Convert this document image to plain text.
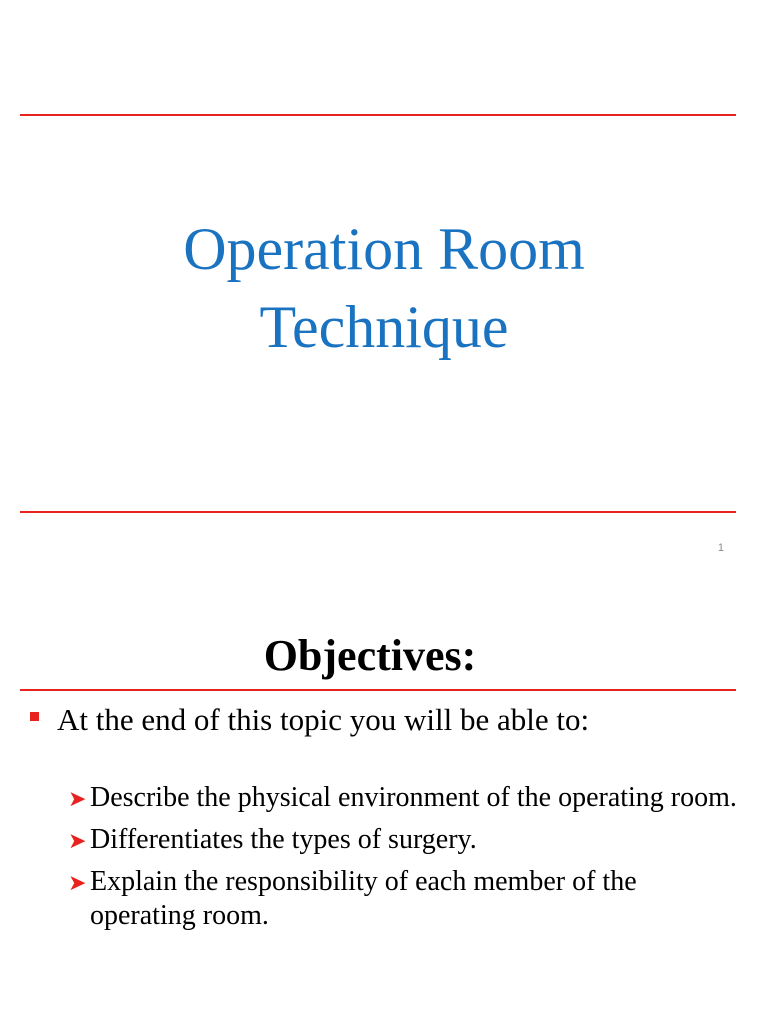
Operation Room
Technique
1
Objectives:
At the end of this topic you will be able to:
➤ Describe the physical environment of the operating room.
➤ Differentiates the types of surgery.
➤ Explain the responsibility of each member of the operating room.
